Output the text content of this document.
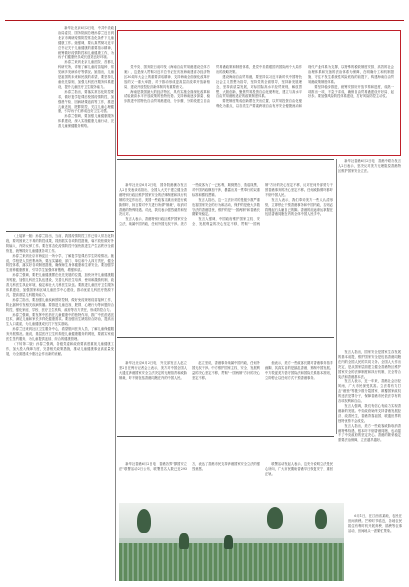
新华社北京6月2日电　中共中央政治局委员、国务院副总理孙春兰近日到北京市调研疫情防控常态化条件下儿童健康工作。她强调，要认真贯彻习近平总书记关于儿童健康的重要指示精神，统筹做好疫情防控和儿童健康工作，为孩子们健康快乐成长创造良好环境。
孙春兰来到北京儿童医院、首都儿科研究所，详细了解儿童疫苗接种、常见病多发病诊疗等情况。她指出，儿童是祖国的未来和民族的希望，要坚持儿童优先原则，加强儿科医疗服务体系建设，提升儿童医疗卫生服务能力。
孙春兰指出，要落实常态化防控要求，做好复学复课后校园疫情防控，加强晨午检、因病缺课追踪等工作，推进儿童近视、肥胖防控，关注儿童心理健康，引导孩子们养成良好卫生习惯。
孙春兰强调，要加强儿童健康服务体系建设，深入实施健康儿童行动，完善儿童保健服务网络。
（上接第一版）孙春兰指出，当前，我国疫情防控工作已转入常态化阶段，要巩固来之不易的防控成果，抓细抓实各项防控措施，毫不放松做好外防输入、内防反弹工作。要在常态化疫情防控中加快推进生产生活秩序全面恢复，统筹抓好儿童健康各项工作。
孙春兰来到北京市海淀区一所小学，了解复学复课后学生防疫情况。她说，学校是人员密集场所，要压实属地、部门、单位和个人四方责任，健全防控体系，落实好各项制度措施，确保师生身体健康和生命安全。要加强学生营养健康教育，引导学生加强体育锻炼，增强体质。
孙春兰强调，要把儿童健康摆在优先发展的位置，加快补齐儿童健康服务短板，加强儿科医生队伍建设，完善儿科医生培养、使用和激励机制，改善儿科医生执业环境，稳定和壮大儿科医生队伍。要推进儿童医疗卫生服务体系建设，加强国家和区域儿童医学中心建设，推动优质儿科医疗资源下沉，提高基层儿科服务能力。
孙春兰指出，要加强儿童疾病预防控制，做好免疫规划疫苗接种工作，防止漏种引发相关疾病传播。要推进儿童近视、肥胖、心理行为等问题综合防控，强化家庭、学校、医疗卫生机构、政府等各方责任，形成防控合力。
孙春兰强调，要发挥中医药在儿童健康中的独特作用，推广中医药适宜技术，满足儿童和家长多样化健康需求。要加强出生缺陷综合防治，提高出生人口素质，为儿童健康成长打下坚实基础。
孙春兰还来到社区卫生服务中心，看望慰问医务人员，了解儿童保健服务开展情况。她说，基层医疗卫生机构是儿童健康服务的网底，要做实家庭医生签约服务，为儿童提供连续、综合的健康管理。
（下转第二版）孙春兰强调，各级党委和政府要高度重视儿童健康工作，加大投入保障力度，完善相关政策措施，推动儿童健康事业高质量发展，为全面建成小康社会作出新的贡献。
党中央、国务院日前印发《海南自由贸易港建设总体方案》，这是深入贯彻习近平总书记在庆祝海南建省办经济特区30周年大会上的重要讲话精神、支持海南全面深化改革开放的又一重大举措，对于推动形成更高层次改革开放新格局、建设开放型经济新体制具有重要意义。
海南是我国最大的经济特区，具有实施全面深化改革和试验最高水平开放政策的独特优势。支持海南逐步探索、稳步推进中国特色自由贸易港建设，分步骤、分阶段建立自由贸易港政策和制度体系，是党中央着眼国内国际两个大局作出的战略决策。
建设海南自由贸易港，要坚持以习近平新时代中国特色社会主义思想为指导，坚持党的全面领导，坚持新发展理念，坚持高质量发展，对标国际高水平经贸规则，解放思想、大胆创新，聚焦贸易投资自由化便利化，建立与高水平自由贸易港相适应的政策制度体系。
要把制度集成创新摆在突出位置，以贸易投资自由化便利化为重点，以各类生产要素跨境自由有序安全便捷流动和现代产业体系为支撑，以特殊的税收制度安排、高效的社会治理体系和完备的法治体系为保障，在明确分工和机制措施、守住不发生系统性风险底线的前提下，构建海南自由贸易港政策制度体系。
要坚持稳步推进，统筹安排好开放节奏和进度，成熟一项推出一项，不急于求成，确保自由贸易港建设开好局、起好步。要加强风险防控体系建设，打好风险防控主动仗。
新华社北京6月2日电　国务院港澳办发言人2日发表谈话指出，全国人大关于建立健全香港特别行政区维护国家安全的法律制度和执行机制的决定作出后，美国一些政客又跳出来进行威胁恫吓，扬言要对中方进行所谓"制裁"，取消对香港的特殊待遇。对此，我们表示强烈谴责和坚决反对。
发言人表示，香港特别行政区维护国家安全立法，纯属中国内政，任何外国无权干涉。美方一些政客为了一己私利，颠倒黑白、造谣抹黑，对中国内政横加干涉，暴露出其一贯奉行的双重标准和霸权逻辑。
发言人指出，这一立法针对的是极少数严重危害国家安全的行为和活动，保护的是绝大多数守法的香港居民，维护的是"一国两制"和香港长期繁荣稳定。
发言人强调，中国政府维护国家主权、安全、发展利益的决心坚定不移，贯彻"一国两制"方针的决心坚定不移，反对任何外部势力干预香港事务的决心坚定不移。任何威胁恫吓都吓不倒中国人民。
发言人表示，我们奉劝美方一些人认清形势，立即停止干预香港事务和中国内政，否则必将搬起石头砸自己的脚。香港的前途命运掌握在包括香港同胞在内的全体中国人民手中。
新华社北京6月2日电　外交部发言人赵立坚2日在例行记者会上表示，美方对中国全国人大通过涉港国家安全立法决定的无理指责和威胁制裁，吓不倒包括香港同胞在内的中国人民。
赵立坚说，香港事务纯属中国内政，任何外国无权干涉。中方维护国家主权、安全、发展利益的决心坚定不移，贯彻"一国两制"方针的决心坚定不移。
他表示，美方一些政客长期对香港事务指手画脚，其真实目的是搞乱香港、遏制中国发展。中方敦促美方恪守国际法和国际关系基本准则，立即停止以任何方式干预香港事务。
新华社香港6月2日电　香港中联办发言人2日表示，坚决反对美方无理阻挠香港特区维护国家安全立法。
发言人指出，国家安全是国家生存发展的基本前提，维护国家安全是包括香港同胞在内的全国人民的共同义务。全国人大作出决定，是从国家层面建立健全香港特区维护国家安全的法律制度和执行机制，完全符合宪法和香港基本法。
发言人表示，近一年来，香港社会历经风雨，广大市民深受其害。立法将有力打击"港独"等极少数分裂国家、颠覆国家政权的违法犯罪分子，保障香港市民依法享有的各项权利和自由。
发言人强调，我们有信心有能力实现香港新的发展。中央政府始终支持香港发展经济、改善民生，香港背靠祖国、联通世界的独特优势不会改变。
发言人指出，美方一些政客威胁取消香港特殊待遇，根本吓不倒香港同胞，也动摇不了中央政府的坚定决心。香港的繁荣稳定需要法治保障，立法越早越好。
新华社香港6月2日电　香港各界"撑国安立法"联署活动2日公布，联署签名人数已近293万，表达了香港市民支持涉港国家安全立法的强烈意愿。
联署活动发起人表示，这充分说明立法是民心所向，广大市民期盼香港早日恢复安宁、重回正轨。
6月1日，在江西省某地，农民在田间育秧。芒种时节临近，各地农民抓住有利时机开展育秧、插秧等农事活动，田间地头一派繁忙景象。
